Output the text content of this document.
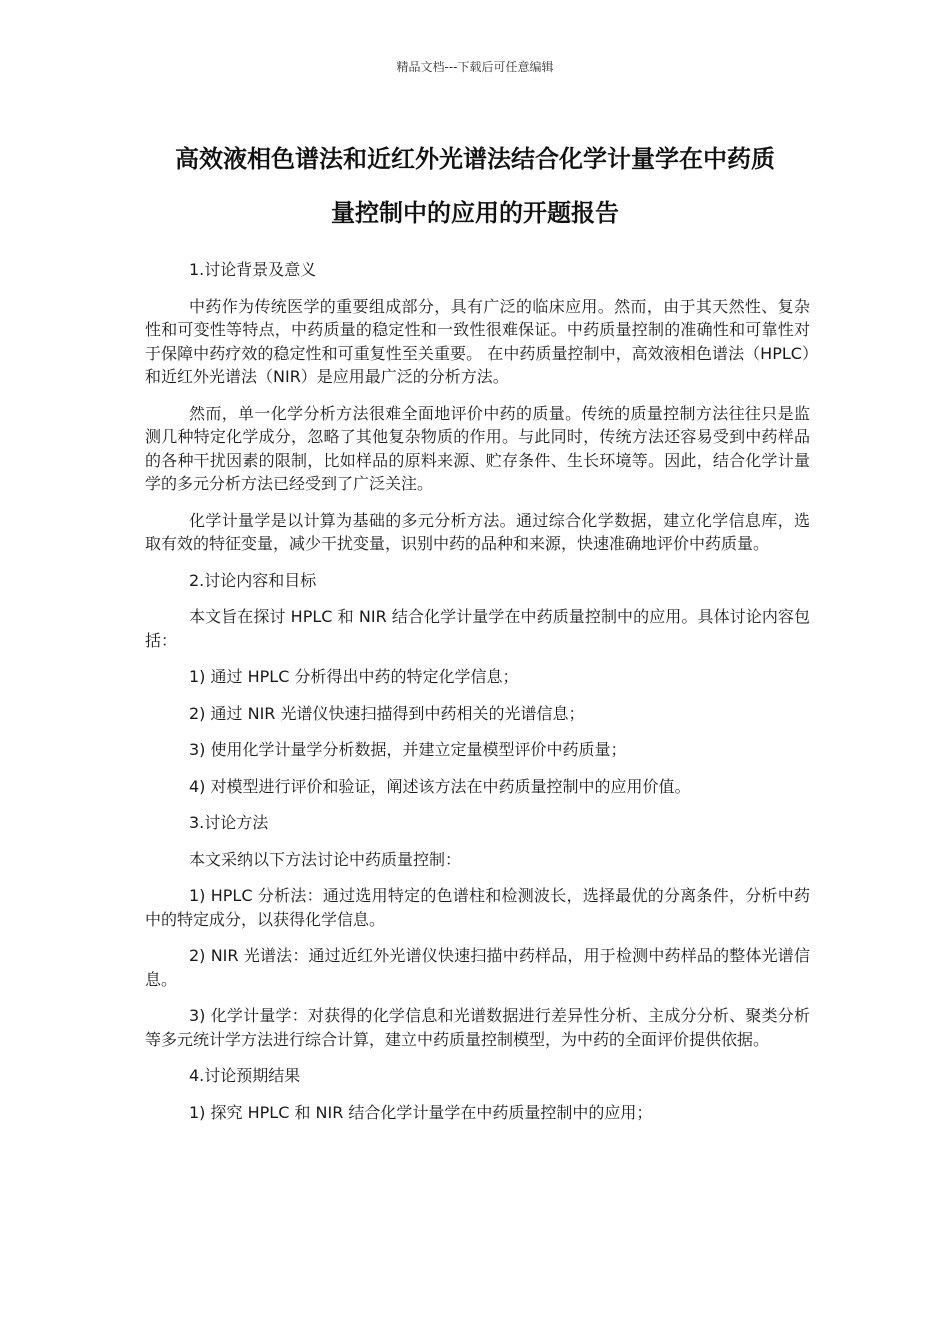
精品文档---下载后可任意编辑
高效液相色谱法和近红外光谱法结合化学计量学在中药质
量控制中的应用的开题报告

1.讨论背景及意义

中药作为传统医学的重要组成部分，具有广泛的临床应用。然而，由于其天然性、复杂性和可变性等特点，中药质量的稳定性和一致性很难保证。中药质量控制的准确性和可靠性对于保障中药疗效的稳定性和可重复性至关重要。 在中药质量控制中，高效液相色谱法（HPLC）和近红外光谱法（NIR）是应用最广泛的分析方法。

然而，单一化学分析方法很难全面地评价中药的质量。传统的质量控制方法往往只是监测几种特定化学成分，忽略了其他复杂物质的作用。与此同时，传统方法还容易受到中药样品的各种干扰因素的限制，比如样品的原料来源、贮存条件、生长环境等。因此，结合化学计量学的多元分析方法已经受到了广泛关注。

化学计量学是以计算为基础的多元分析方法。通过综合化学数据，建立化学信息库，选取有效的特征变量，减少干扰变量，识别中药的品种和来源，快速准确地评价中药质量。

2.讨论内容和目标

本文旨在探讨 HPLC 和 NIR 结合化学计量学在中药质量控制中的应用。具体讨论内容包括：

1) 通过 HPLC 分析得出中药的特定化学信息；

2) 通过 NIR 光谱仪快速扫描得到中药相关的光谱信息；

3) 使用化学计量学分析数据，并建立定量模型评价中药质量；

4) 对模型进行评价和验证，阐述该方法在中药质量控制中的应用价值。

3.讨论方法

本文采纳以下方法讨论中药质量控制：

1) HPLC 分析法：通过选用特定的色谱柱和检测波长，选择最优的分离条件，分析中药中的特定成分，以获得化学信息。

2) NIR 光谱法：通过近红外光谱仪快速扫描中药样品，用于检测中药样品的整体光谱信息。

3) 化学计量学：对获得的化学信息和光谱数据进行差异性分析、主成分分析、聚类分析等多元统计学方法进行综合计算，建立中药质量控制模型，为中药的全面评价提供依据。

4.讨论预期结果

1) 探究 HPLC 和 NIR 结合化学计量学在中药质量控制中的应用；
